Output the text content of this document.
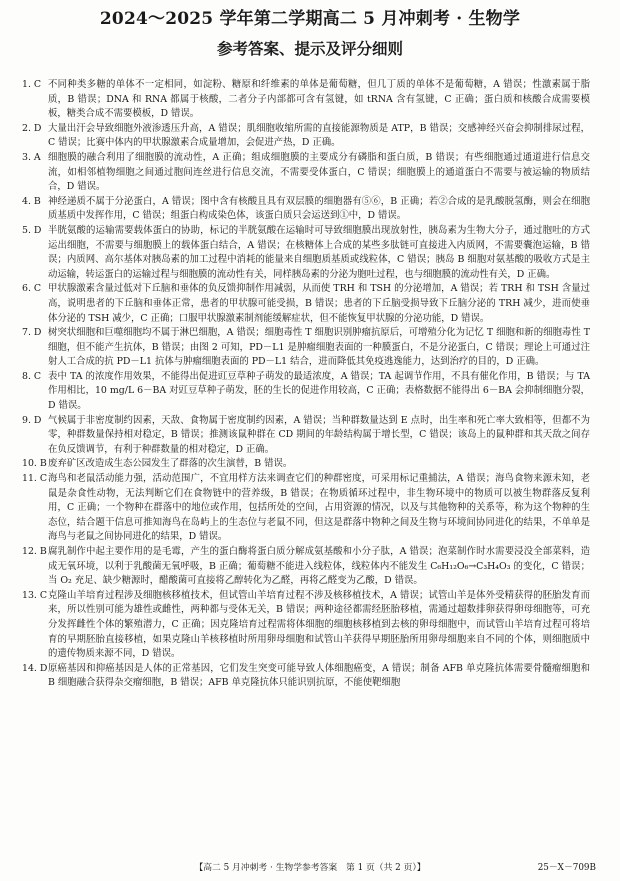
2024～2025 学年第二学期高二 5 月冲刺考 · 生物学
参考答案、提示及评分细则
1. C 不同种类多糖的单体不一定相同，如淀粉、糖原和纤维素的单体是葡萄糖，但几丁质的单体不是葡萄糖，A 错误；性激素属于脂质，B 错误；DNA 和 RNA 都属于核酸，二者分子内部都可含有氢键，如 tRNA 含有氢键，C 正确；蛋白质和核酸合成需要模板，糖类合成不需要模板，D 错误。
2. D 大量出汗会导致细胞外液渗透压升高，A 错误；肌细胞收缩所需的直接能源物质是 ATP，B 错误；交感神经兴奋会抑制排尿过程，C 错误；比赛中体内的甲状腺激素合成量增加，会促进产热，D 正确。
3. A 细胞膜的融合利用了细胞膜的流动性，A 正确；组成细胞膜的主要成分有磷脂和蛋白质，B 错误；有些细胞通过通道进行信息交流，如相邻植物细胞之间通过胞间连丝进行信息交流，不需要受体蛋白，C 错误；细胞膜上的通道蛋白不需要与被运输的物质结合，D 错误。
4. B 神经递质不属于分泌蛋白，A 错误；图中含有核酸且具有双层膜的细胞器有⑤⑥，B 正确；若②合成的是乳酸脱氢酶，则会在细胞质基质中发挥作用，C 错误；组蛋白构成染色体，该蛋白质只会运送到①中，D 错误。
5. D 半胱氨酸的运输需要载体蛋白的协助，标记的半胱氨酸在运输时可导致细胞膜出现放射性，胰岛素为生物大分子，通过胞吐的方式运出细胞，不需要与细胞膜上的载体蛋白结合，A 错误；在核糖体上合成的某些多肽链可直接进入内质网，不需要囊泡运输，B 错误；内质网、高尔基体对胰岛素的加工过程中消耗的能量来自细胞质基质或线粒体，C 错误；胰岛 B 细胞对氨基酸的吸收方式是主动运输，转运蛋白的运输过程与细胞膜的流动性有关，同样胰岛素的分泌为胞吐过程，也与细胞膜的流动性有关，D 正确。
6. C 甲状腺激素含量过低对下丘脑和垂体的负反馈抑制作用减弱，从而使 TRH 和 TSH 的分泌增加，A 错误；若 TRH 和 TSH 含量过高，说明患者的下丘脑和垂体正常，患者的甲状腺可能受损，B 错误；患者的下丘脑受损导致下丘脑分泌的 TRH 减少，进而使垂体分泌的 TSH 减少，C 正确；口服甲状腺激素制剂能缓解症状，但不能恢复甲状腺的分泌功能，D 错误。
7. D 树突状细胞和巨噬细胞均不属于淋巴细胞，A 错误；细胞毒性 T 细胞识别肿瘤抗原后，可增殖分化为记忆 T 细胞和新的细胞毒性 T 细胞，但不能产生抗体，B 错误；由图 2 可知，PD－L1 是肿瘤细胞表面的一种膜蛋白，不是分泌蛋白，C 错误；理论上可通过注射人工合成的抗 PD－L1 抗体与肿瘤细胞表面的 PD－L1 结合，进而降低其免疫逃逸能力，达到治疗的目的，D 正确。
8. C 表中 TA 的浓度作用效果，不能得出促进豇豆草种子萌发的最适浓度，A 错误；TA 起调节作用，不具有催化作用，B 错误；与 TA 作用相比，10 mg/L 6－BA 对豇豆草种子萌发，胚的生长的促进作用较高，C 正确；表格数据不能得出 6－BA 会抑制细胞分裂，D 错误。
9. D 气候属于非密度制约因素，天敌、食物属于密度制约因素，A 错误；当种群数量达到 E 点时，出生率和死亡率大致相等，但都不为零，种群数量保持相对稳定，B 错误；推测该鼠种群在 CD 期间的年龄结构属于增长型，C 错误；该岛上的鼠种群和其天敌之间存在负反馈调节，有利于种群数量的相对稳定，D 正确。
10. B 废弃矿区改造成生态公园发生了群落的次生演替，B 错误。
11. C 海鸟和老鼠活动能力强，活动范围广，不宜用样方法来调查它们的种群密度，可采用标记重捕法，A 错误；海鸟食物来源未知，老鼠是杂食性动物，无法判断它们在食物链中的营养级，B 错误；在物质循环过程中，非生物环境中的物质可以被生物群落反复利用，C 正确；一个物种在群落中的地位或作用，包括所处的空间，占用资源的情况，以及与其他物种的关系等，称为这个物种的生态位，结合题干信息可推知海鸟在岛屿上的生态位与老鼠不同，但这是群落中物种之间及生物与环境间协同进化的结果，不单单是海鸟与老鼠之间协同进化的结果，D 错误。
12. B 腐乳制作中起主要作用的是毛霉，产生的蛋白酶将蛋白质分解成氨基酸和小分子肽，A 错误；泡菜制作时水需要浸没全部菜料，造成无氧环境，以利于乳酸菌无氧呼吸，B 正确；葡萄糖不能进入线粒体，线粒体内不能发生 C₆H₁₂O₆→C₃H₄O₃ 的变化，C 错误；当 O₂ 充足、缺少糖源时，醋酸菌可直接将乙醇转化为乙醛，再将乙醛变为乙酸，D 错误。
13. C 克隆山羊培育过程涉及细胞核移植技术，但试管山羊培育过程不涉及核移植技术，A 错误；试管山羊是体外受精获得的胚胎发育而来，所以性别可能为雄性或雌性，两种都与受体无关，B 错误；两种途径都需经胚胎移植，需通过超数排卵获得卵母细胞等，可充分发挥雌性个体的繁殖潜力，C 正确；因克隆培育过程需将体细胞的细胞核移植到去核的卵母细胞中，而试管山羊培育过程可将培育的早期胚胎直接移植，如果克隆山羊核移植时所用卵母细胞和试管山羊获得早期胚胎所用卵母细胞来自不同的个体，则细胞质中的遗传物质来源不同，D 错误。
14. D 原癌基因和抑癌基因是人体的正常基因，它们发生突变可能导致人体细胞癌变，A 错误；制备 AFB 单克隆抗体需要骨髓瘤细胞和 B 细胞融合获得杂交瘤细胞，B 错误；AFB 单克隆抗体只能识别抗原，不能使靶细胞
【高二 5 月冲刺考 · 生物学参考答案　第 1 页（共 2 页）】	25－X－709B
